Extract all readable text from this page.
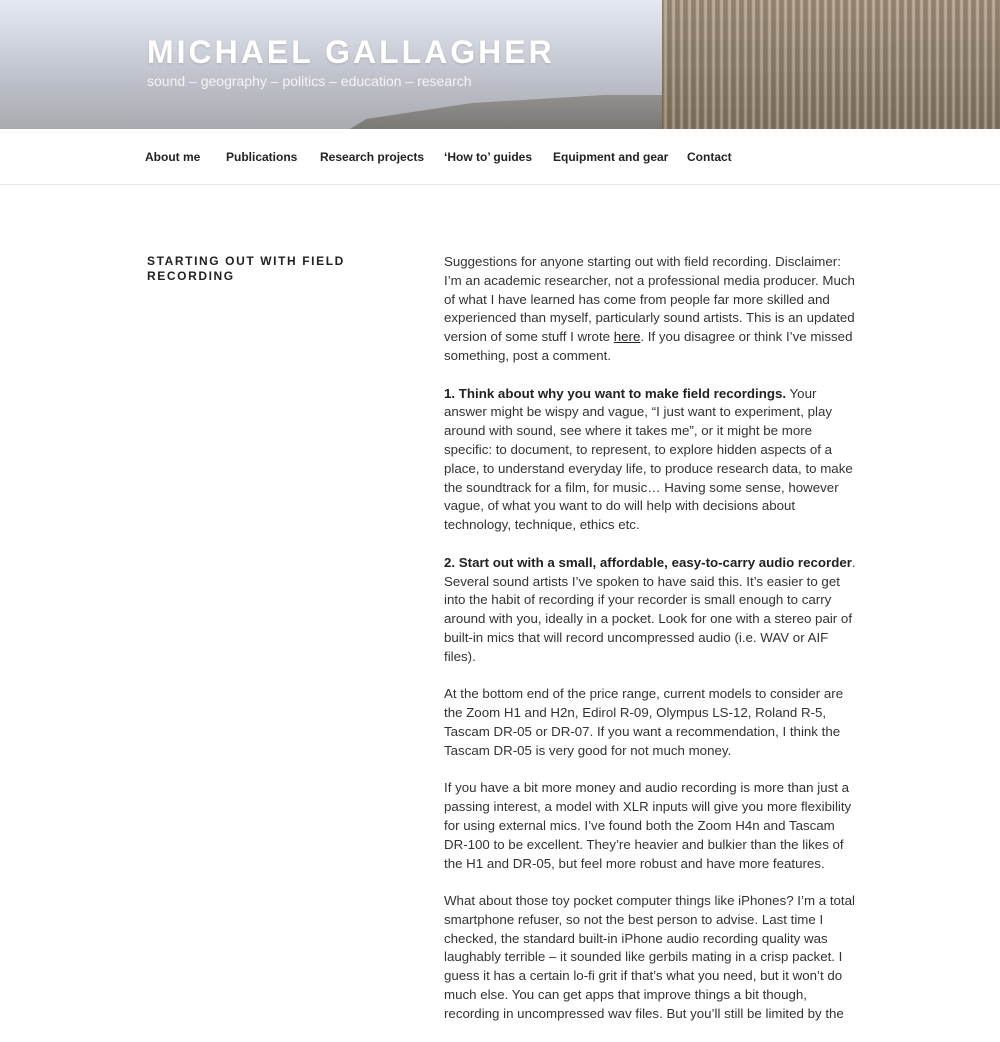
MICHAEL GALLAGHER

sound – geography – politics – education – research

About me Publications Research projects ‘How to’ guides Equipment and gear Contact
STARTING OUT WITH FIELD RECORDING

Suggestions for anyone starting out with field recording. Disclaimer: I’m an academic researcher, not a professional media producer. Much of what I have learned has come from people far more skilled and experienced than myself, particularly sound artists. This is an updated version of some stuff I wrote here. If you disagree or think I’ve missed something, post a comment.

1. Think about why you want to make field recordings. Your answer might be wispy and vague, “I just want to experiment, play around with sound, see where it takes me”, or it might be more specific: to document, to represent, to explore hidden aspects of a place, to understand everyday life, to produce research data, to make the soundtrack for a film, for music… Having some sense, however vague, of what you want to do will help with decisions about technology, technique, ethics etc.

2. Start out with a small, affordable, easy-to-carry audio recorder. Several sound artists I’ve spoken to have said this. It’s easier to get into the habit of recording if your recorder is small enough to carry around with you, ideally in a pocket. Look for one with a stereo pair of built-in mics that will record uncompressed audio (i.e. WAV or AIF files).

At the bottom end of the price range, current models to consider are the Zoom H1 and H2n, Edirol R-09, Olympus LS-12, Roland R-5, Tascam DR-05 or DR-07. If you want a recommendation, I think the Tascam DR-05 is very good for not much money.

If you have a bit more money and audio recording is more than just a passing interest, a model with XLR inputs will give you more flexibility for using external mics. I’ve found both the Zoom H4n and Tascam DR-100 to be excellent. They’re heavier and bulkier than the likes of the H1 and DR-05, but feel more robust and have more features.

What about those toy pocket computer things like iPhones? I’m a total smartphone refuser, so not the best person to advise. Last time I checked, the standard built-in iPhone audio recording quality was laughably terrible – it sounded like gerbils mating in a crisp packet. I guess it has a certain lo-fi grit if that’s what you need, but it won’t do much else. You can get apps that improve things a bit though, recording in uncompressed wav files. But you’ll still be limited by the
